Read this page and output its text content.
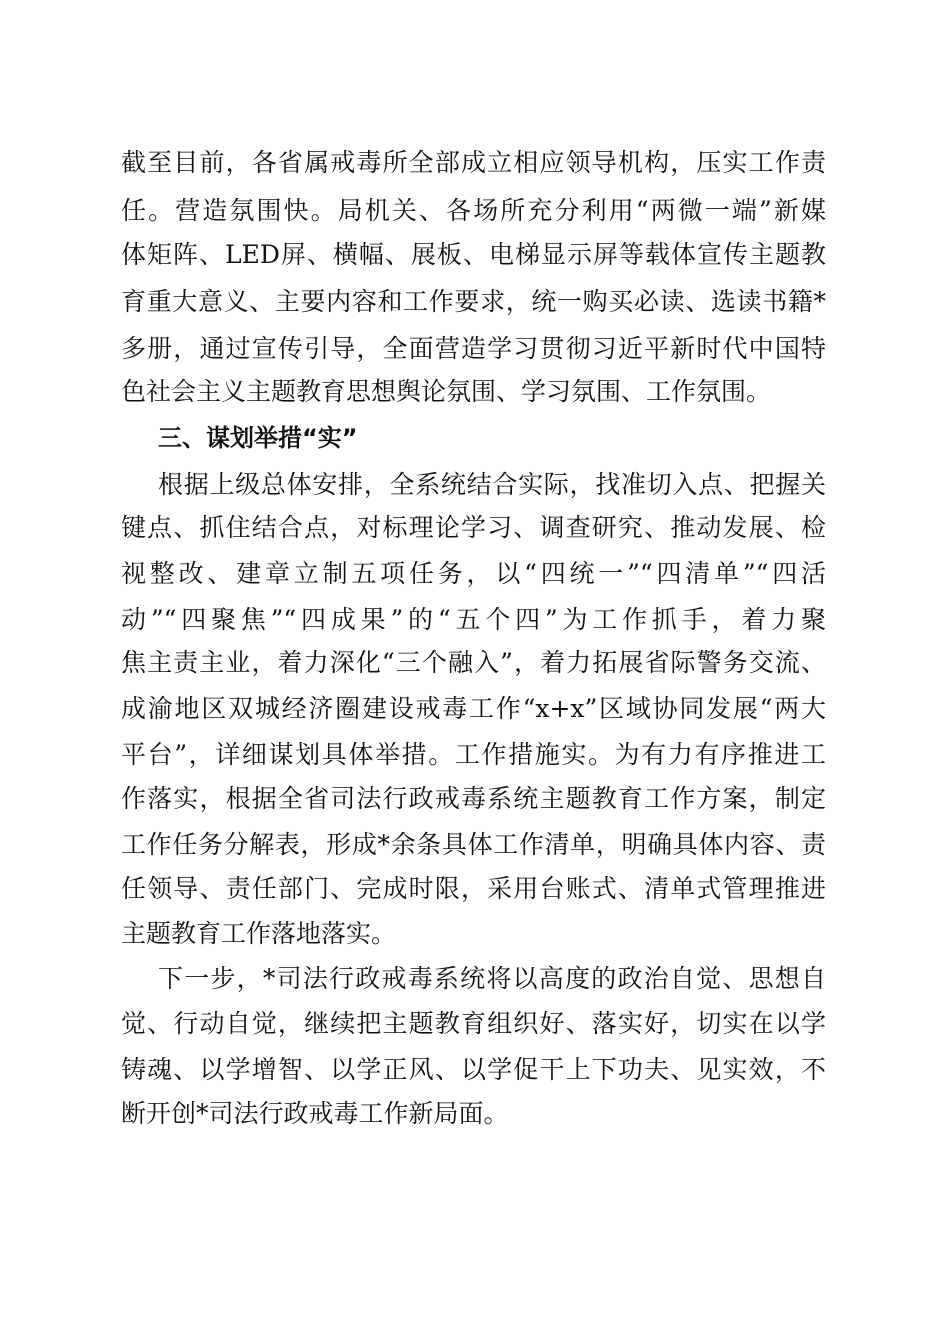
截至目前，各省属戒毒所全部成立相应领导机构，压实工作责
任。营造氛围快。局机关、各场所充分利用“两微一端”新媒
体矩阵、LED屏、横幅、展板、电梯显示屏等载体宣传主题教
育重大意义、主要内容和工作要求，统一购买必读、选读书籍*
多册，通过宣传引导，全面营造学习贯彻习近平新时代中国特
色社会主义主题教育思想舆论氛围、学习氛围、工作氛围。
三、谋划举措“实”
根据上级总体安排，全系统结合实际，找准切入点、把握关
键点、抓住结合点，对标理论学习、调查研究、推动发展、检
视整改、建章立制五项任务，以“四统一”“四清单”“四活
动”“四聚焦”“四成果”的“五个四”为工作抓手，着力聚
焦主责主业，着力深化“三个融入”，着力拓展省际警务交流、
成渝地区双城经济圈建设戒毒工作“x+x”区域协同发展“两大
平台”，详细谋划具体举措。工作措施实。为有力有序推进工
作落实，根据全省司法行政戒毒系统主题教育工作方案，制定
工作任务分解表，形成*余条具体工作清单，明确具体内容、责
任领导、责任部门、完成时限，采用台账式、清单式管理推进
主题教育工作落地落实。
下一步，*司法行政戒毒系统将以高度的政治自觉、思想自
觉、行动自觉，继续把主题教育组织好、落实好，切实在以学
铸魂、以学增智、以学正风、以学促干上下功夫、见实效，不
断开创*司法行政戒毒工作新局面。
